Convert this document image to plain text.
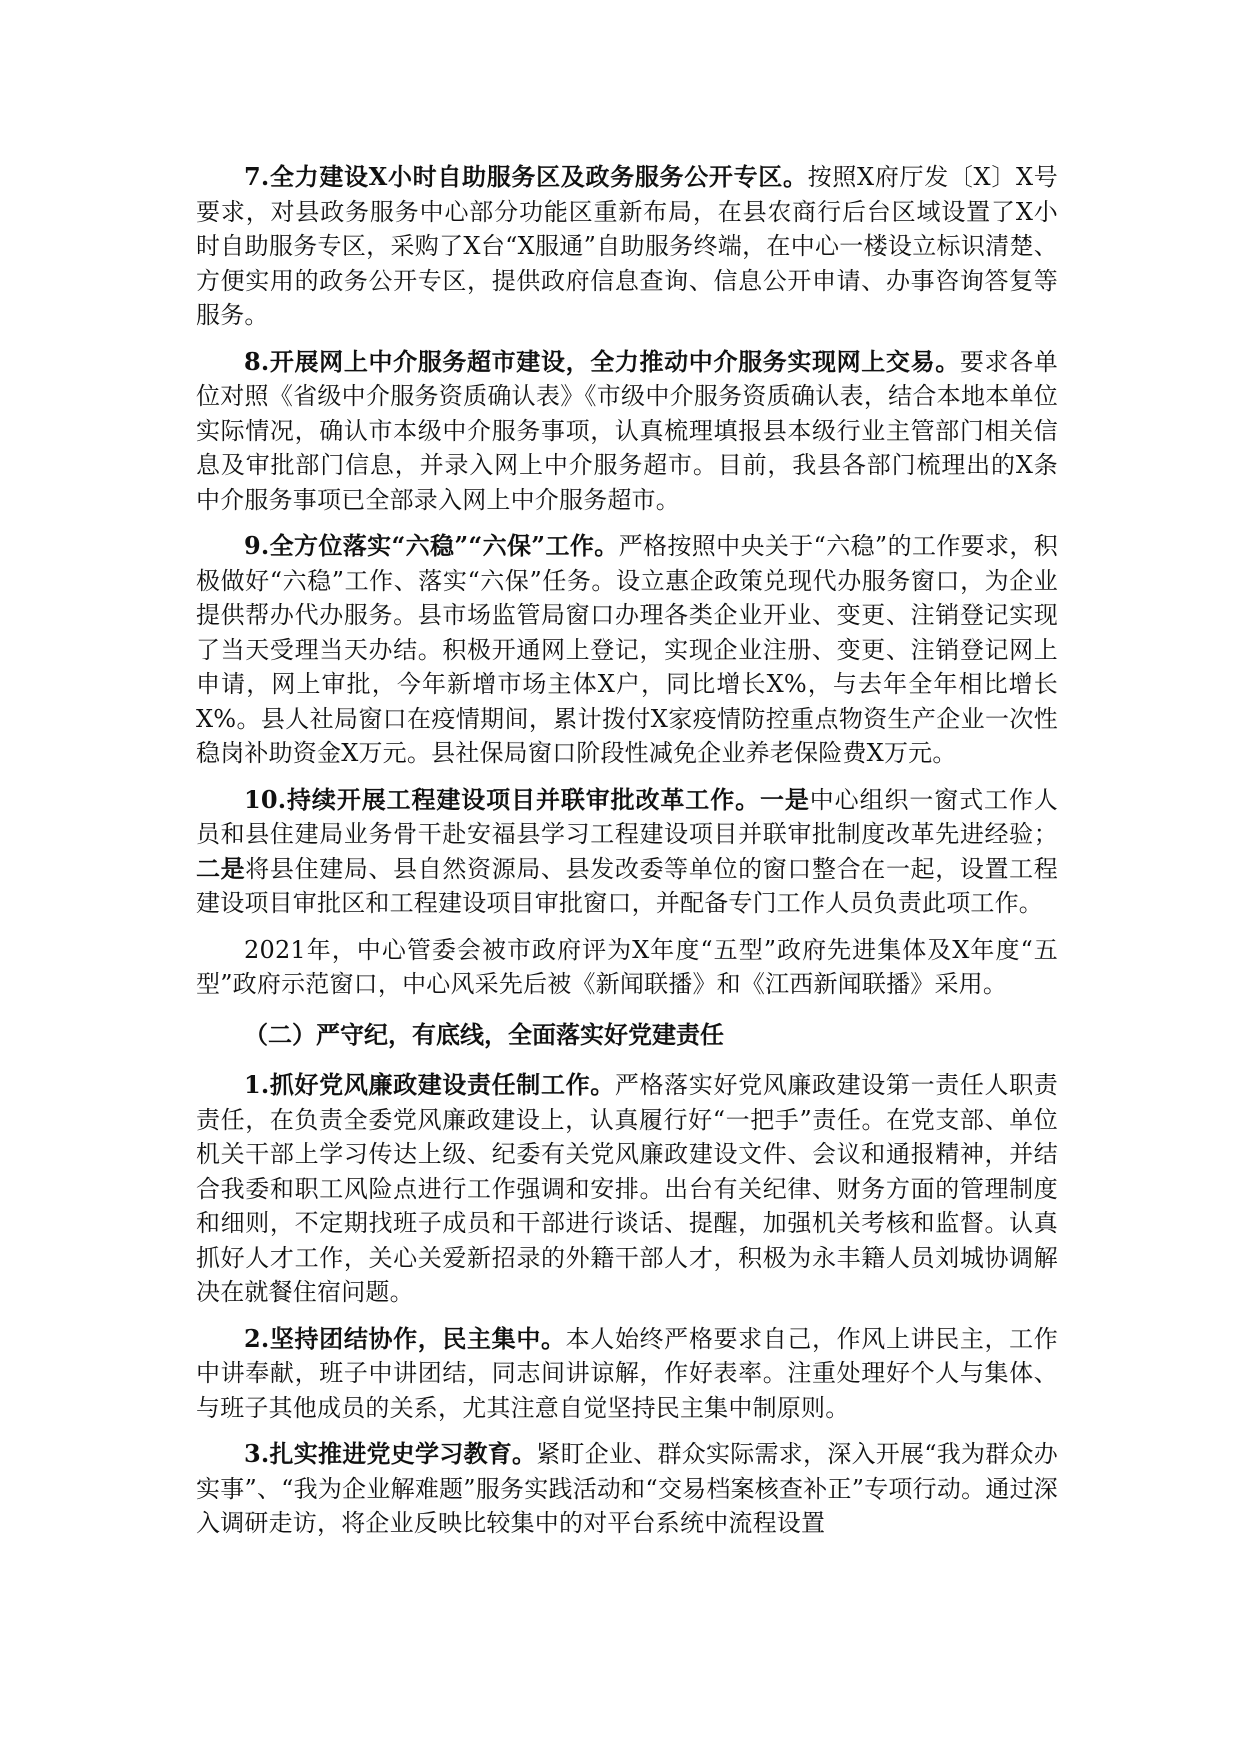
7.全力建设X小时自助服务区及政务服务公开专区。按照X府厅发〔X〕X号要求，对县政务服务中心部分功能区重新布局，在县农商行后台区域设置了X小时自助服务专区，采购了X台“X服通”自助服务终端，在中心一楼设立标识清楚、方便实用的政务公开专区，提供政府信息查询、信息公开申请、办事咨询答复等服务。

8.开展网上中介服务超市建设，全力推动中介服务实现网上交易。要求各单位对照《省级中介服务资质确认表》《市级中介服务资质确认表，结合本地本单位实际情况，确认市本级中介服务事项，认真梳理填报县本级行业主管部门相关信息及审批部门信息，并录入网上中介服务超市。目前，我县各部门梳理出的X条中介服务事项已全部录入网上中介服务超市。

9.全方位落实“六稳”“六保”工作。严格按照中央关于“六稳”的工作要求，积极做好“六稳”工作、落实“六保”任务。设立惠企政策兑现代办服务窗口，为企业提供帮办代办服务。县市场监管局窗口办理各类企业开业、变更、注销登记实现了当天受理当天办结。积极开通网上登记，实现企业注册、变更、注销登记网上申请，网上审批，今年新增市场主体X户，同比增长X%，与去年全年相比增长X%。县人社局窗口在疫情期间，累计拨付X家疫情防控重点物资生产企业一次性稳岗补助资金X万元。县社保局窗口阶段性减免企业养老保险费X万元。

10.持续开展工程建设项目并联审批改革工作。一是中心组织一窗式工作人员和县住建局业务骨干赴安福县学习工程建设项目并联审批制度改革先进经验；二是将县住建局、县自然资源局、县发改委等单位的窗口整合在一起，设置工程建设项目审批区和工程建设项目审批窗口，并配备专门工作人员负责此项工作。

2021年，中心管委会被市政府评为X年度“五型”政府先进集体及X年度“五型”政府示范窗口，中心风采先后被《新闻联播》和《江西新闻联播》采用。

（二）严守纪，有底线，全面落实好党建责任

1.抓好党风廉政建设责任制工作。严格落实好党风廉政建设第一责任人职责责任，在负责全委党风廉政建设上，认真履行好“一把手”责任。在党支部、单位机关干部上学习传达上级、纪委有关党风廉政建设文件、会议和通报精神，并结合我委和职工风险点进行工作强调和安排。出台有关纪律、财务方面的管理制度和细则，不定期找班子成员和干部进行谈话、提醒，加强机关考核和监督。认真抓好人才工作，关心关爱新招录的外籍干部人才，积极为永丰籍人员刘城协调解决在就餐住宿问题。

2.坚持团结协作，民主集中。本人始终严格要求自己，作风上讲民主，工作中讲奉献，班子中讲团结，同志间讲谅解，作好表率。注重处理好个人与集体、与班子其他成员的关系，尤其注意自觉坚持民主集中制原则。

3.扎实推进党史学习教育。紧盯企业、群众实际需求，深入开展“我为群众办实事”、“我为企业解难题”服务实践活动和“交易档案核查补正”专项行动。通过深入调研走访，将企业反映比较集中的对平台系统中流程设置
